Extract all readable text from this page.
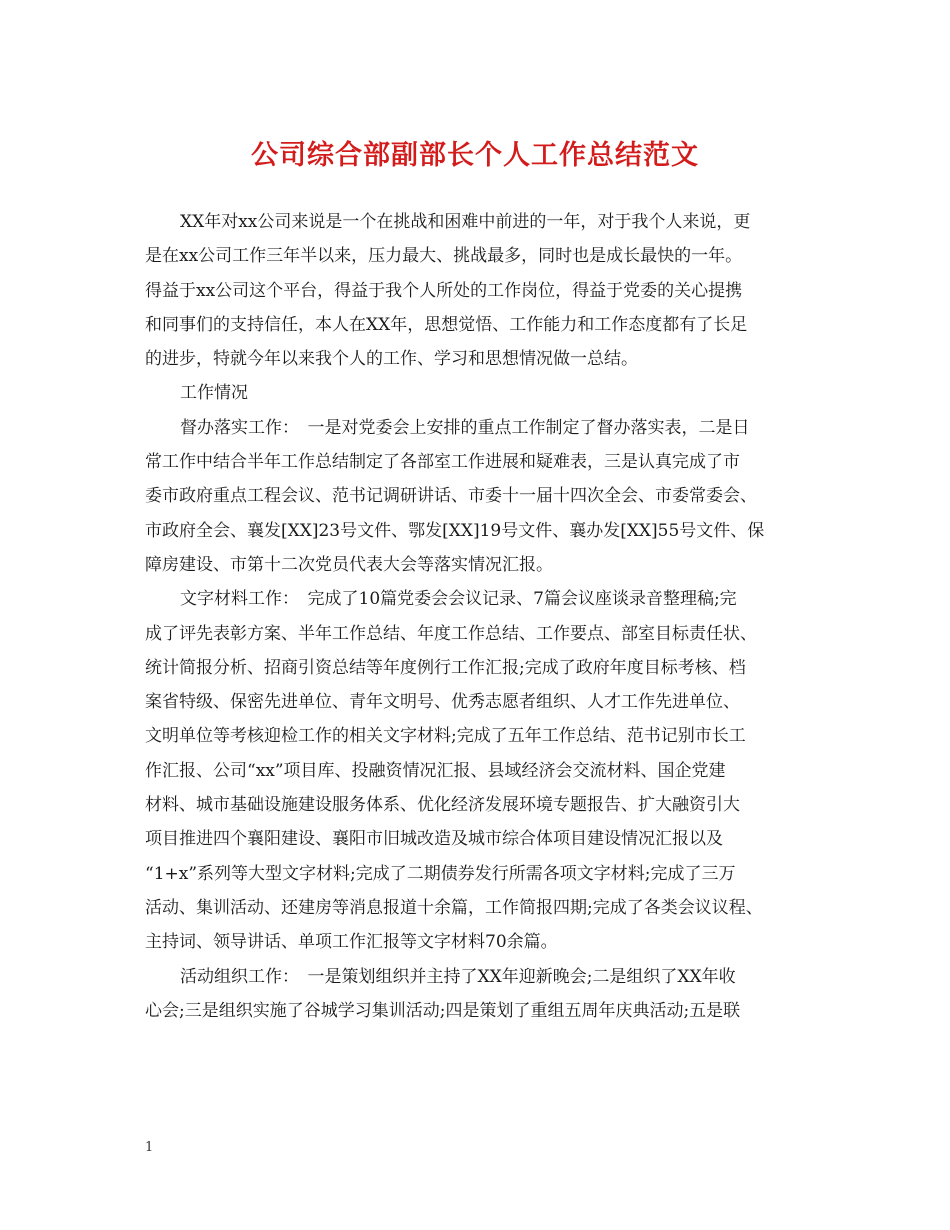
公司综合部副部长个人工作总结范文
XX年对xx公司来说是一个在挑战和困难中前进的一年，对于我个人来说，更
是在xx公司工作三年半以来，压力最大、挑战最多，同时也是成长最快的一年。
得益于xx公司这个平台，得益于我个人所处的工作岗位，得益于党委的关心提携
和同事们的支持信任，本人在XX年，思想觉悟、工作能力和工作态度都有了长足
的进步，特就今年以来我个人的工作、学习和思想情况做一总结。
工作情况
督办落实工作：　一是对党委会上安排的重点工作制定了督办落实表，二是日
常工作中结合半年工作总结制定了各部室工作进展和疑难表，三是认真完成了市
委市政府重点工程会议、范书记调研讲话、市委十一届十四次全会、市委常委会、
市政府全会、襄发[XX]23号文件、鄂发[XX]19号文件、襄办发[XX]55号文件、保
障房建设、市第十二次党员代表大会等落实情况汇报。
文字材料工作：　完成了10篇党委会会议记录、7篇会议座谈录音整理稿;完
成了评先表彰方案、半年工作总结、年度工作总结、工作要点、部室目标责任状、
统计简报分析、招商引资总结等年度例行工作汇报;完成了政府年度目标考核、档
案省特级、保密先进单位、青年文明号、优秀志愿者组织、人才工作先进单位、
文明单位等考核迎检工作的相关文字材料;完成了五年工作总结、范书记别市长工
作汇报、公司“xx”项目库、投融资情况汇报、县域经济会交流材料、国企党建
材料、城市基础设施建设服务体系、优化经济发展环境专题报告、扩大融资引大
项目推进四个襄阳建设、襄阳市旧城改造及城市综合体项目建设情况汇报以及
“1+x”系列等大型文字材料;完成了二期债券发行所需各项文字材料;完成了三万
活动、集训活动、还建房等消息报道十余篇，工作简报四期;完成了各类会议议程、
主持词、领导讲话、单项工作汇报等文字材料70余篇。
活动组织工作：　一是策划组织并主持了XX年迎新晚会;二是组织了XX年收
心会;三是组织实施了谷城学习集训活动;四是策划了重组五周年庆典活动;五是联
1
